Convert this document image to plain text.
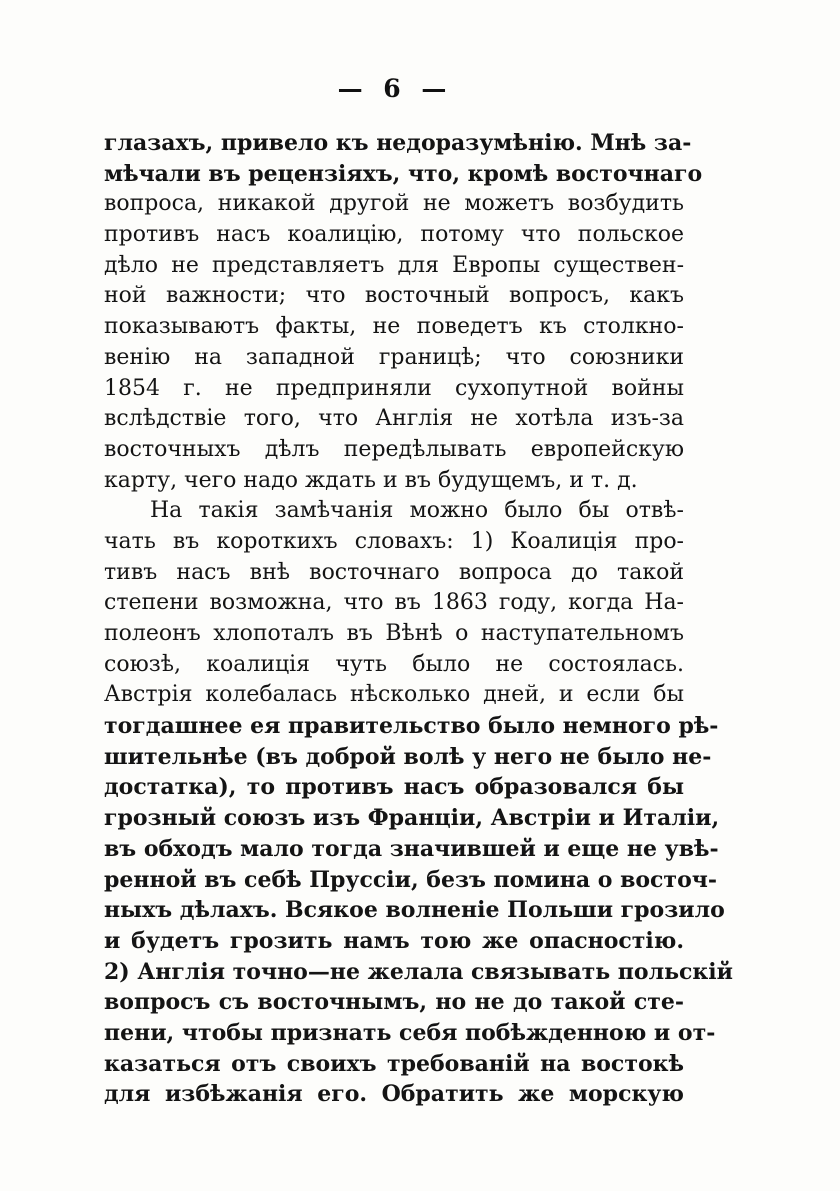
— 6 —
глазахъ, привело къ недоразумѣнію. Мнѣ за-
мѣчали въ рецензіяхъ, что, кромѣ восточнаго
вопроса, никакой другой не можетъ возбудить
противъ насъ коалицію, потому что польское
дѣло не представляетъ для Европы существен-
ной важности; что восточный вопросъ, какъ
показываютъ факты, не поведетъ къ столкно-
венію на западной границѣ; что союзники
1854 г. не предприняли сухопутной войны
вслѣдствіе того, что Англія не хотѣла изъ-за
восточныхъ дѣлъ передѣлывать европейскую
карту, чего надо ждать и въ будущемъ, и т. д.
На такія замѣчанія можно было бы отвѣ-
чать въ короткихъ словахъ: 1) Коалиція про-
тивъ насъ внѣ восточнаго вопроса до такой
степени возможна, что въ 1863 году, когда На-
полеонъ хлопоталъ въ Вѣнѣ о наступательномъ
союзѣ, коалиція чуть было не состоялась.
Австрія колебалась нѣсколько дней, и если бы
тогдашнее ея правительство было немного рѣ-
шительнѣе (въ доброй волѣ у него не было не-
достатка), то противъ насъ образовался бы
грозный союзъ изъ Франціи, Австріи и Италіи,
въ обходъ мало тогда значившей и еще не увѣ-
ренной въ себѣ Пруссіи, безъ помина о восточ-
ныхъ дѣлахъ. Всякое волненіе Польши грозило
и будетъ грозить намъ тою же опасностію.
2) Англія точно—не желала связывать польскій
вопросъ съ восточнымъ, но не до такой сте-
пени, чтобы признать себя побѣжденною и от-
казаться отъ своихъ требованій на востокѣ
для избѣжанія его. Обратить же морскую
